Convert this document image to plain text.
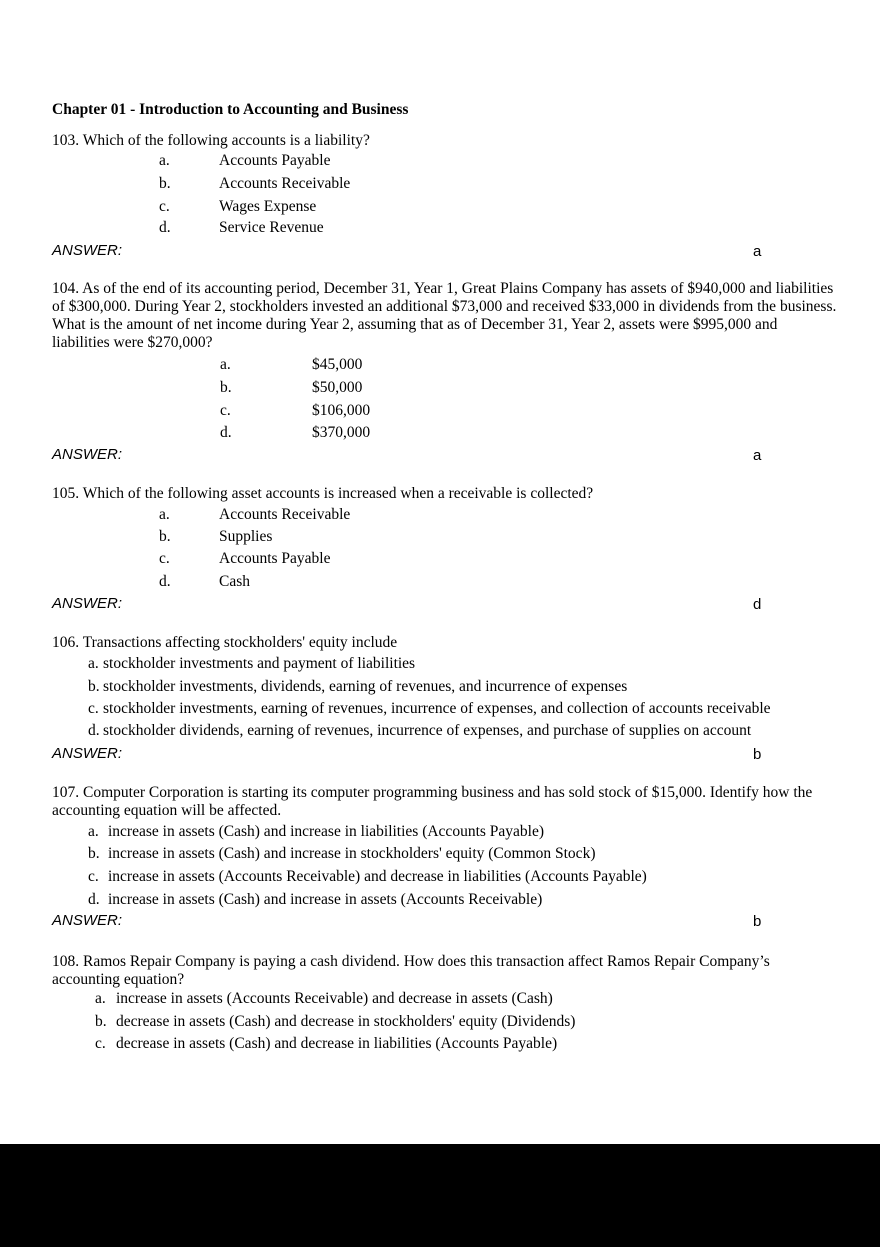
Chapter 01 - Introduction to Accounting and Business
103. Which of the following accounts is a liability?
a.	Accounts Payable
b.	Accounts Receivable
c.	Wages Expense
d.	Service Revenue
ANSWER:	a
104. As of the end of its accounting period, December 31, Year 1, Great Plains Company has assets of $940,000 and liabilities of $300,000. During Year 2, stockholders invested an additional $73,000 and received $33,000 in dividends from the business. What is the amount of net income during Year 2, assuming that as of December 31, Year 2, assets were $995,000 and liabilities were $270,000?
a.	$45,000
b.	$50,000
c.	$106,000
d.	$370,000
ANSWER:	a
105. Which of the following asset accounts is increased when a receivable is collected?
a.	Accounts Receivable
b.	Supplies
c.	Accounts Payable
d.	Cash
ANSWER:	d
106. Transactions affecting stockholders' equity include
a. stockholder investments and payment of liabilities
b. stockholder investments, dividends, earning of revenues, and incurrence of expenses
c. stockholder investments, earning of revenues, incurrence of expenses, and collection of accounts receivable
d. stockholder dividends, earning of revenues, incurrence of expenses, and purchase of supplies on account
ANSWER:	b
107. Computer Corporation is starting its computer programming business and has sold stock of $15,000. Identify how the accounting equation will be affected.
a. increase in assets (Cash) and increase in liabilities (Accounts Payable)
b. increase in assets (Cash) and increase in stockholders' equity (Common Stock)
c. increase in assets (Accounts Receivable) and decrease in liabilities (Accounts Payable)
d. increase in assets (Cash) and increase in assets (Accounts Receivable)
ANSWER:	b
108. Ramos Repair Company is paying a cash dividend. How does this transaction affect Ramos Repair Company’s accounting equation?
a. increase in assets (Accounts Receivable) and decrease in assets (Cash)
b. decrease in assets (Cash) and decrease in stockholders' equity (Dividends)
c. decrease in assets (Cash) and decrease in liabilities (Accounts Payable)
